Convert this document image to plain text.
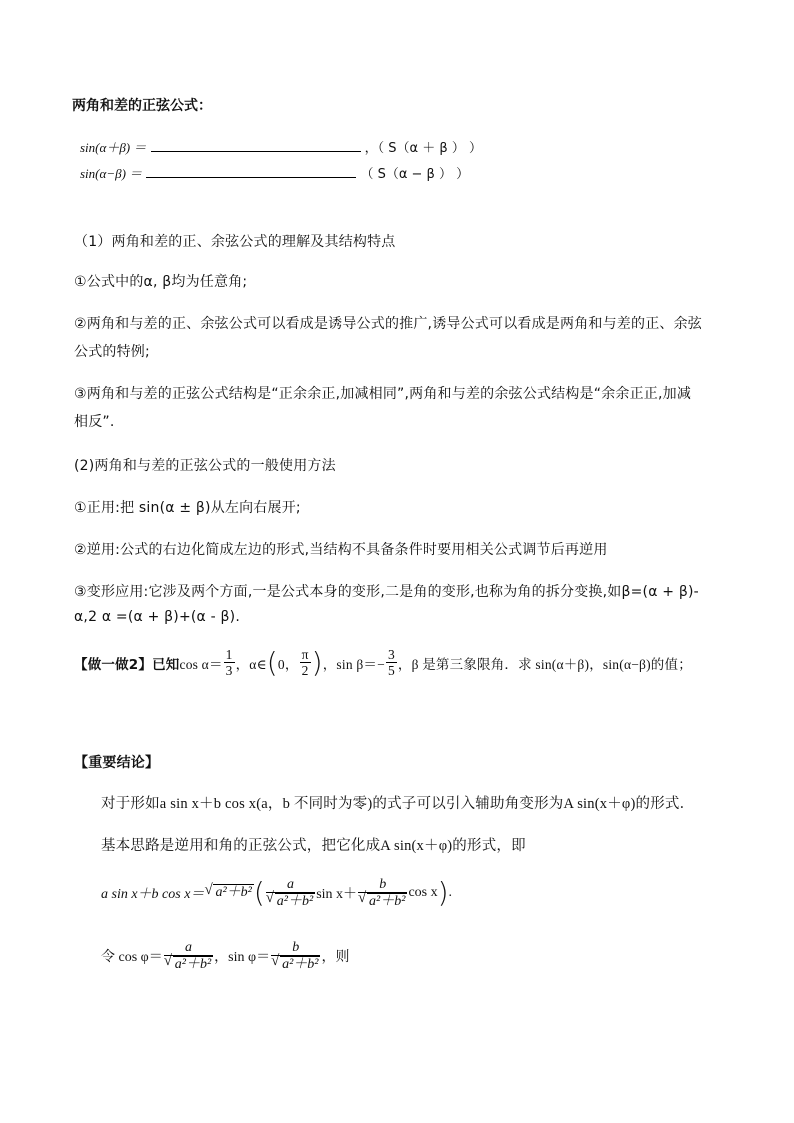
两角和差的正弦公式：
sin(α＋β) ＝	，（ S（α ＋ β ） ）
sin(α−β) ＝	（ S（α − β ） ）
（1）两角和差的正、余弦公式的理解及其结构特点
①公式中的α, β均为任意角;
②两角和与差的正、余弦公式可以看成是诱导公式的推广,诱导公式可以看成是两角和与差的正、余弦
公式的特例;
③两角和与差的正弦公式结构是“正余余正,加减相同”,两角和与差的余弦公式结构是“余余正正,加减
相反”.
(2)两角和与差的正弦公式的一般使用方法
①正用:把 sin(α ± β)从左向右展开;
②逆用:公式的右边化简成左边的形式,当结构不具备条件时要用相关公式调节后再逆用
③变形应用:它涉及两个方面,一是公式本身的变形,二是角的变形,也称为角的拆分变换,如β=(α + β)-
α,2 α =(α + β)+(α - β).
【做一做2】已知 $\cos \alpha= \frac{1}{3}$ ，α∈ ( 0， $\frac{\pi}{2}$ ) ，$\sin \beta=- \frac{3}{5}$ ，β 是第三象限角．求 sin(α＋β)，sin(α−β)的值；
【重要结论】
对于形如a sin x＋b cos x(a，b 不同时为零)的式子可以引入辅助角变形为A sin(x＋φ)的形式．
基本思路是逆用和角的正弦公式，把它化成A sin(x＋φ)的形式，即
a sin x＋b cos x＝
√ a²＋b² ( a
√ a²＋b² sin x＋ b
√ a²＋b² cos x ) .
令 cos φ＝ a
√ a²＋b² ，sin φ＝ b
√ a²＋b² ，则
